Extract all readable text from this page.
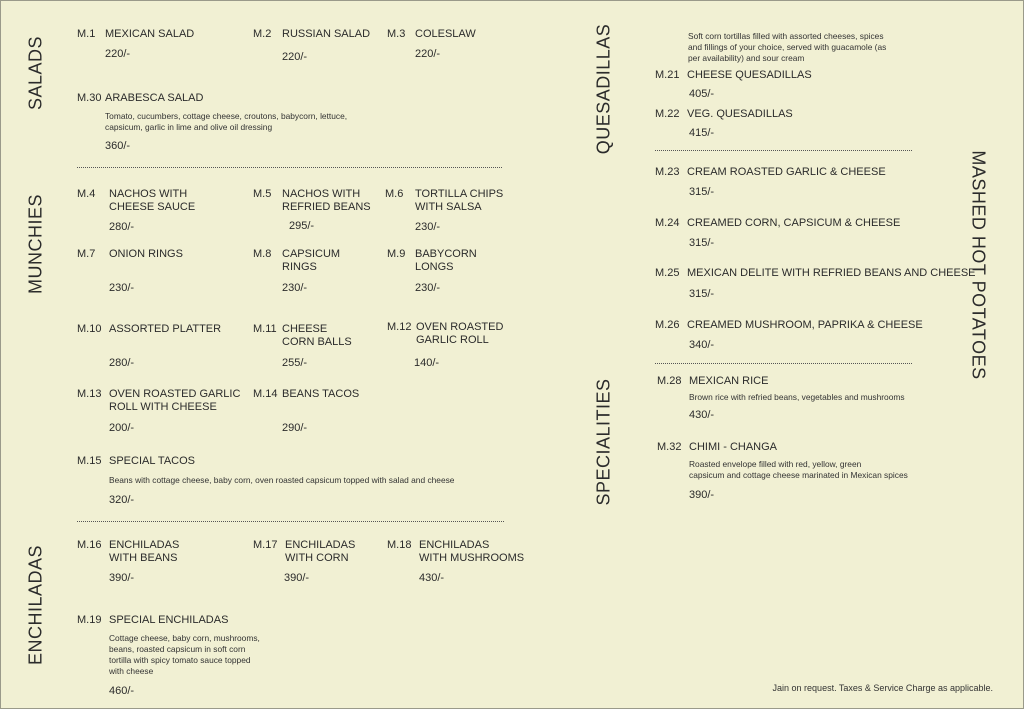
SALADS
MUNCHIES
ENCHILADAS
QUESADILLAS
SPECIALITIES
MASHED HOT POTATOES
M.1 MEXICAN SALAD
220/-
M.2 RUSSIAN SALAD
220/-
M.3 COLESLAW
220/-
M.30 ARABESCA SALAD
Tomato, cucumbers, cottage cheese, croutons, babycorn, lettuce,
capsicum, garlic in lime and olive oil dressing
360/-
M.4 NACHOS WITH
CHEESE SAUCE
280/-
M.5 NACHOS WITH
REFRIED BEANS
295/-
M.6 TORTILLA CHIPS
WITH SALSA
230/-
M.7 ONION RINGS
230/-
M.8 CAPSICUM
RINGS
230/-
M.9 BABYCORN
LONGS
230/-
M.10 ASSORTED PLATTER
280/-
M.11 CHEESE
CORN BALLS
255/-
M.12 OVEN ROASTED
GARLIC ROLL
140/-
M.13 OVEN ROASTED GARLIC
ROLL WITH CHEESE
200/-
M.14 BEANS TACOS
290/-
M.15 SPECIAL TACOS
Beans with cottage cheese, baby corn, oven roasted capsicum topped with salad and cheese
320/-
M.16 ENCHILADAS
WITH BEANS
390/-
M.17 ENCHILADAS
WITH CORN
390/-
M.18 ENCHILADAS
WITH MUSHROOMS
430/-
M.19 SPECIAL ENCHILADAS
Cottage cheese, baby corn, mushrooms,
beans, roasted capsicum in soft corn
tortilla with spicy tomato sauce topped
with cheese
460/-
Soft corn tortillas filled with assorted cheeses, spices
and fillings of your choice, served with guacamole (as
per availability) and sour cream
M.21 CHEESE QUESADILLAS
405/-
M.22 VEG. QUESADILLAS
415/-
M.23 CREAM ROASTED GARLIC & CHEESE
315/-
M.24 CREAMED CORN, CAPSICUM & CHEESE
315/-
M.25 MEXICAN DELITE WITH REFRIED BEANS AND CHEESE
315/-
M.26 CREAMED MUSHROOM, PAPRIKA & CHEESE
340/-
M.28 MEXICAN RICE
Brown rice with refried beans, vegetables and mushrooms
430/-
M.32 CHIMI - CHANGA
Roasted envelope filled with red, yellow, green
capsicum and cottage cheese marinated in Mexican spices
390/-
Jain on request. Taxes & Service Charge as applicable.
